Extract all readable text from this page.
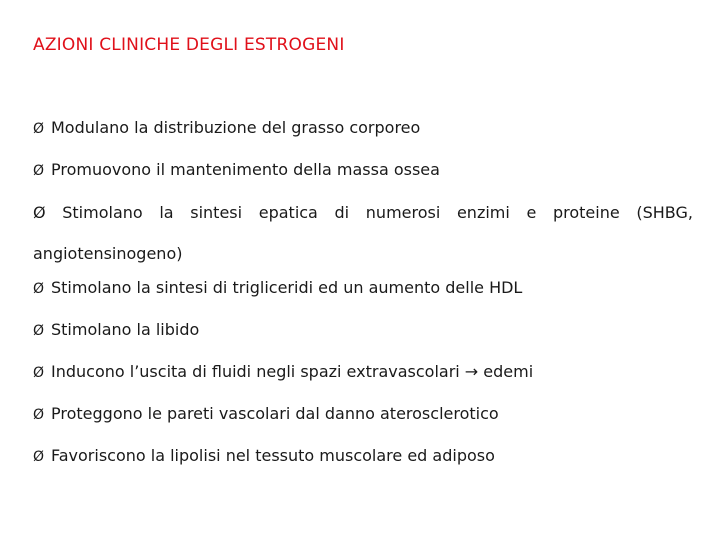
AZIONI CLINICHE DEGLI ESTROGENI
Ø Modulano la distribuzione del grasso corporeo
Ø Promuovono il mantenimento della massa ossea
Ø Stimolano la sintesi epatica di numerosi enzimi e proteine (SHBG,
angiotensinogeno)
Ø Stimolano la sintesi di trigliceridi ed un aumento delle HDL
Ø Stimolano la libido
Ø Inducono l’uscita di fluidi negli spazi extravascolari → edemi
Ø Proteggono le pareti vascolari dal danno aterosclerotico
Ø Favoriscono la lipolisi nel tessuto muscolare ed adiposo
